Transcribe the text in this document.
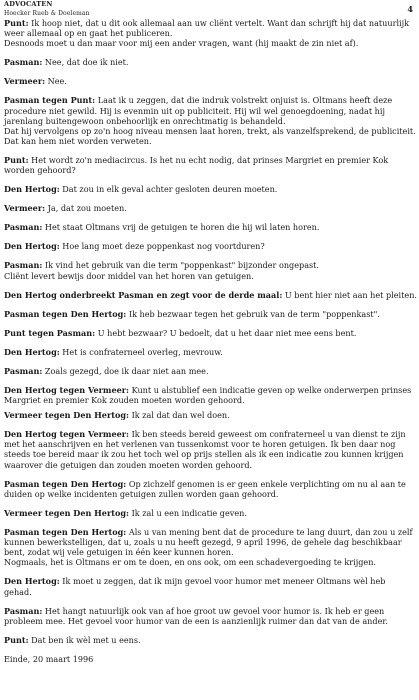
ADVOCATEN
Hoecker Rueb & Doeleman	4
Punt: Ik hoop niet, dat u dit ook allemaal aan uw cliënt vertelt. Want dan schrijft hij dat natuurlijk
weer allemaal op en gaat het publiceren.
Desnoods moet u dan maar voor mij een ander vragen, want (hij maakt de zin niet af).
Pasman: Nee, dat doe ik niet.
Vermeer: Nee.
Pasman tegen Punt: Laat ik u zeggen, dat die indruk volstrekt onjuist is. Oltmans heeft deze
procedure niet gewild. Hij is evenmin uit op publiciteit. Hij wil wel genoegdoening, nadat hij
jarenlang buitengewoon onbehoorlijk en onrechtmatig is behandeld.
Dat hij vervolgens op zo'n hoog niveau mensen laat horen, trekt, als vanzelfsprekend, de publiciteit.
Dat kan hem niet worden verweten.
Punt: Het wordt zo'n mediacircus. Is het nu echt nodig, dat prinses Margriet en premier Kok
worden gehoord?
Den Hertog: Dat zou in elk geval achter gesloten deuren moeten.
Vermeer: Ja, dat zou moeten.
Pasman: Het staat Oltmans vrij de getuigen te horen die hij wil laten horen.
Den Hertog: Hoe lang moet deze poppenkast nog voortduren?
Pasman: Ik vind het gebruik van die term "poppenkast" bijzonder ongepast.
Cliënt levert bewijs door middel van het horen van getuigen.
Den Hertog onderbreekt Pasman en zegt voor de derde maal: U bent hier niet aan het pleiten.
Pasman tegen Den Hertog: Ik heb bezwaar tegen het gebruik van de term "poppenkast".
Punt tegen Pasman: U hebt bezwaar? U bedoelt, dat u het daar niet mee eens bent.
Den Hertog: Het is confraterneel overleg, mevrouw.
Pasman: Zoals gezegd, doe ik daar niet aan mee.
Den Hertog tegen Vermeer: Kunt u alstublief een indicatie geven op welke onderwerpen prinses
Margriet en premier Kok zouden moeten worden gehoord.
Vermeer tegen Den Hertog: Ik zal dat dan wel doen.
Den Hertog tegen Vermeer: Ik ben steeds bereid geweest om confraterneel u van dienst te zijn
met het aanschrijven en het verlenen van tussenkomst voor te horen getuigen. Ik ben daar nog
steeds toe bereid maar ik zou het toch wel op prijs stellen als ik een indicatie zou kunnen krijgen
waarover die getuigen dan zouden moeten worden gehoord.
Pasman tegen Den Hertog: Op zichzelf genomen is er geen enkele verplichting om nu al aan te
duiden op welke incidenten getuigen zullen worden gaan gehoord.
Vermeer tegen Den Hertog: Ik zal u een indicatie geven.
Pasman tegen Den Hertog: Als u van mening bent dat de procedure te lang duurt, dan zou u zelf
kunnen bewerkstelligen, dat u, zoals u nu heeft gezegd, 9 april 1996, de gehele dag beschikbaar
bent, zodat wij vele getuigen in één keer kunnen horen.
Nogmaals, het is Oltmans er om te doen, en ons ook, om een schadevergoeding te krijgen.
Den Hertog: Ik moet u zeggen, dat ik mijn gevoel voor humor met meneer Oltmans wèl heb
gehad.
Pasman: Het hangt natuurlijk ook van af hoe groot uw gevoel voor humor is. Ik heb er geen
probleem mee. Het gevoel voor humor van de een is aanzienlijk ruimer dan dat van de ander.
Punt: Dat ben ik wèl met u eens.
Einde, 20 maart 1996
